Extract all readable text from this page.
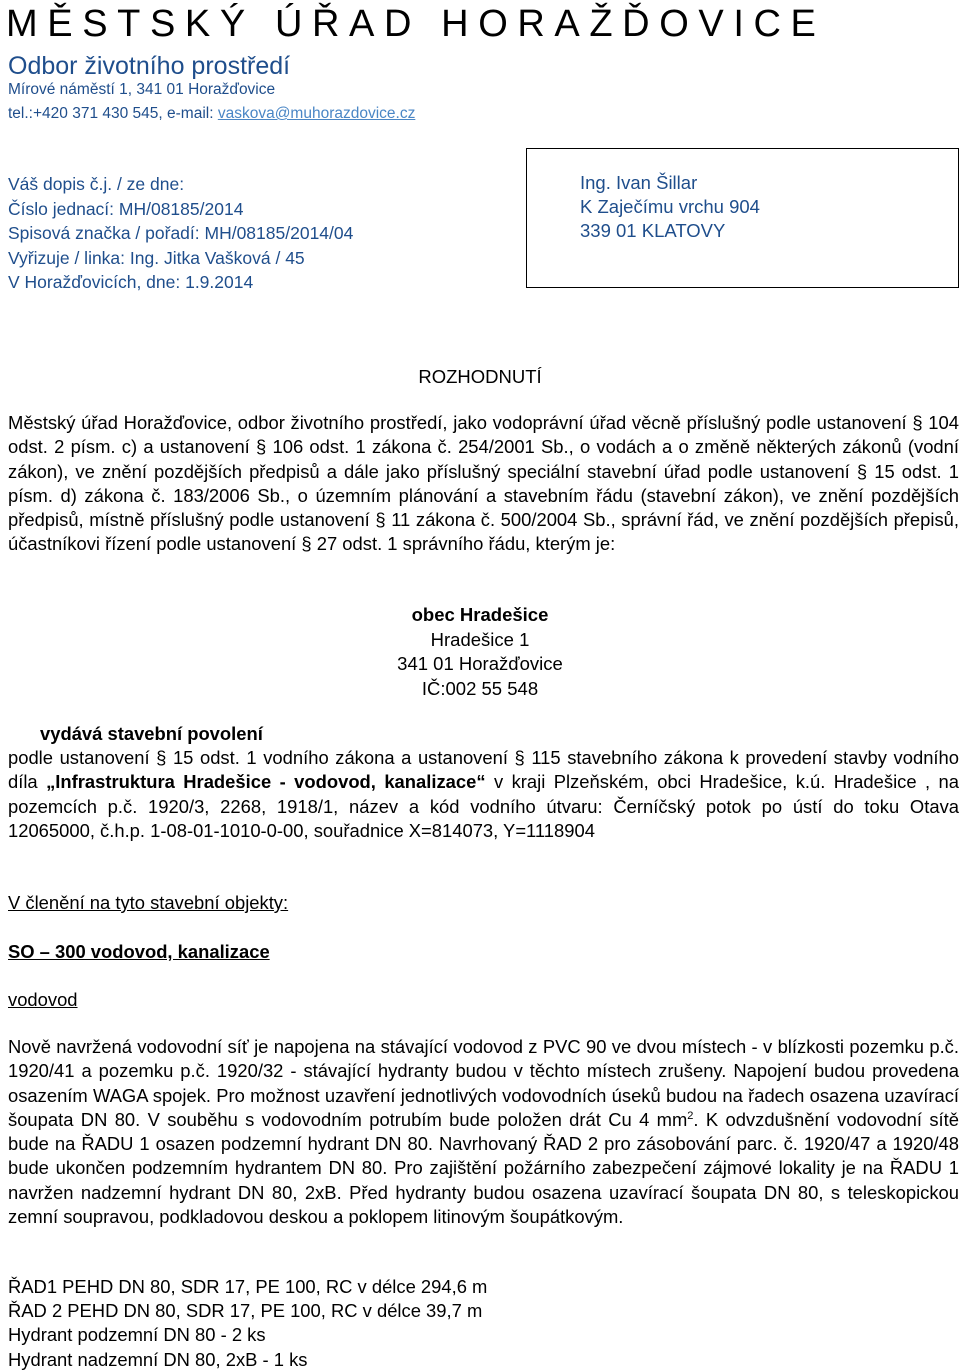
MĚSTSKÝ ÚŘAD HORAŽĎOVICE
Odbor životního prostředí
Mírové náměstí 1, 341 01 Horažďovice
tel.:+420 371 430 545, e-mail: vaskova@muhorazdovice.cz
Váš dopis č.j. / ze dne:
Číslo jednací: MH/08185/2014
Spisová značka / pořadí: MH/08185/2014/04
Vyřizuje / linka: Ing. Jitka Vašková / 45
V Horažďovicích, dne: 1.9.2014
Ing. Ivan Šillar
K Zaječímu vrchu 904
339 01 KLATOVY
ROZHODNUTÍ
Městský úřad Horažďovice, odbor životního prostředí, jako vodoprávní úřad věcně příslušný podle ustanovení § 104 odst. 2 písm. c) a ustanovení § 106 odst. 1 zákona č. 254/2001 Sb., o vodách a o změně některých zákonů (vodní zákon), ve znění pozdějších předpisů a dále jako příslušný speciální stavební úřad podle ustanovení § 15 odst. 1 písm. d) zákona č. 183/2006 Sb., o územním plánování a stavebním řádu (stavební zákon), ve znění pozdějších předpisů, místně příslušný podle ustanovení § 11 zákona č. 500/2004 Sb., správní řád, ve znění pozdějších přepisů, účastníkovi řízení podle ustanovení § 27 odst. 1 správního řádu, kterým je:
obec Hradešice
Hradešice 1
341 01 Horažďovice
IČ:002 55 548
vydává stavební povolení
podle ustanovení § 15 odst. 1 vodního zákona a ustanovení § 115 stavebního zákona k provedení stavby vodního díla „Infrastruktura Hradešice - vodovod, kanalizace“ v kraji Plzeňském, obci Hradešice, k.ú. Hradešice , na pozemcích p.č. 1920/3, 2268, 1918/1, název a kód vodního útvaru: Černíčský potok po ústí do toku Otava 12065000, č.h.p. 1-08-01-1010-0-00, souřadnice X=814073, Y=1118904
V členění na tyto stavební objekty:
SO – 300 vodovod, kanalizace
vodovod
Nově navržená vodovodní síť je napojena na stávající vodovod z PVC 90 ve dvou místech - v blízkosti pozemku p.č. 1920/41 a pozemku p.č. 1920/32 - stávající hydranty budou v těchto místech zrušeny. Napojení budou provedena osazením WAGA spojek. Pro možnost uzavření jednotlivých vodovodních úseků budou na řadech osazena uzavírací šoupata DN 80. V souběhu s vodovodním potrubím bude položen drát Cu 4 $mm^2$. K odvzdušnění vodovodní sítě bude na ŘADU 1 osazen podzemní hydrant DN 80. Navrhovaný ŘAD 2 pro zásobování parc. č. 1920/47 a 1920/48 bude ukončen podzemním hydrantem DN 80. Pro zajištění požárního zabezpečení zájmové lokality je na ŘADU 1 navržen nadzemní hydrant DN 80, 2xB. Před hydranty budou osazena uzavírací šoupata DN 80, s teleskopickou zemní soupravou, podkladovou deskou a poklopem litinovým šoupátkovým.
ŘAD1 PEHD DN 80, SDR 17, PE 100, RC v délce 294,6 m
ŘAD 2 PEHD DN 80, SDR 17, PE 100, RC v délce 39,7 m
Hydrant podzemní DN 80 - 2 ks
Hydrant nadzemní DN 80, 2xB - 1 ks
